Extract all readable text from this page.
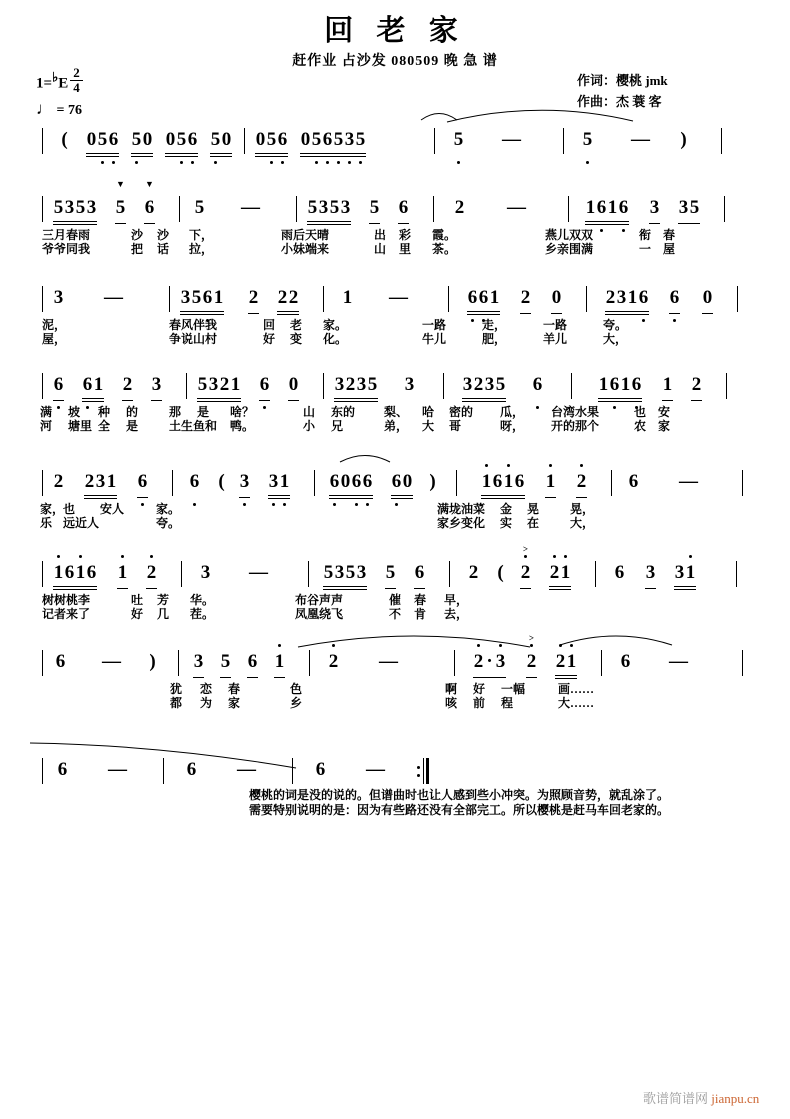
回 老 家
赶作业 占沙发 080509 晚 急 谱
1=♭E $\frac{2}{4}$
♩ = 76
作词：樱桃 jmk
作曲：杰 蓑 客
( 0 5 6 5 0 0 5 6 5 0 0 5 6 0 5 6 5 3 5	5 —	5 — )
5 3 5 3 5
▼
6
▼
5 —	5 3 5 3 5 6 2 —	1 6 1 6 3 3 5
三月春雨
爷爷同我
沙
把
沙
话
下，
拉，
雨后天晴
小妹端来
出
山
彩
里
霞。
茶。
燕儿双双
乡亲围满
衔
一
春
屋
3 —	3 5 6 1 2 2 2 1 —	6 6 1 2 0 2 3 1 6 6 0
泥，
屋，
春风伴我
争说山村
回
好
老
变
家。
化。
一路
牛儿
走，
肥，
一路
羊儿
夸。
大，
6 6 1 2 3 5 3 2 1 6 0 3 2 3 5 3	3 2 3 5 6	1 6 1 6 1 2
满
河
坡
塘里
种
全
的
是
那
土生鱼和
是 啥？
鸭。
山
小
东的
兄
梨、
弟，
哈
大
密的
哥
瓜，
呀，
台湾水果
开的那个
也
农
安
家
2 2 3 1 6 6 ( 3 3 1 6 0 6 6 6 0 ) 1 6 1 6 1 2 6 —
家，
乐
也
远近人
安 人	家。
夸。
满垅油菜
家乡变化
金
实
晃
在
晃，
大，
1 6 1 6 1 2 3 —	5 3 5 3 5 6 2 ( 2
>
2 1 6 3 3 1
树树桃李
记者来了
吐
好
芳
几
华。
茬。
布谷声声
凤凰绕飞
催
不
春
肯
早，
去，
6 — ) 3 5 6 1 2 —	2 · 3 2
>
2 1 6 —
犹
都
恋
为
春
家
色
乡
啊
咳
好
前
一幅
程
画……
大……
6 —	6 —	6 —
樱桃的词是没的说的。但谱曲时也让人感到些小冲突。为照顾音势，就乱涂了。
需要特别说明的是：因为有些路还没有全部完工。所以樱桃是赶马车回老家的。
歌谱简谱网 jianpu.cn
